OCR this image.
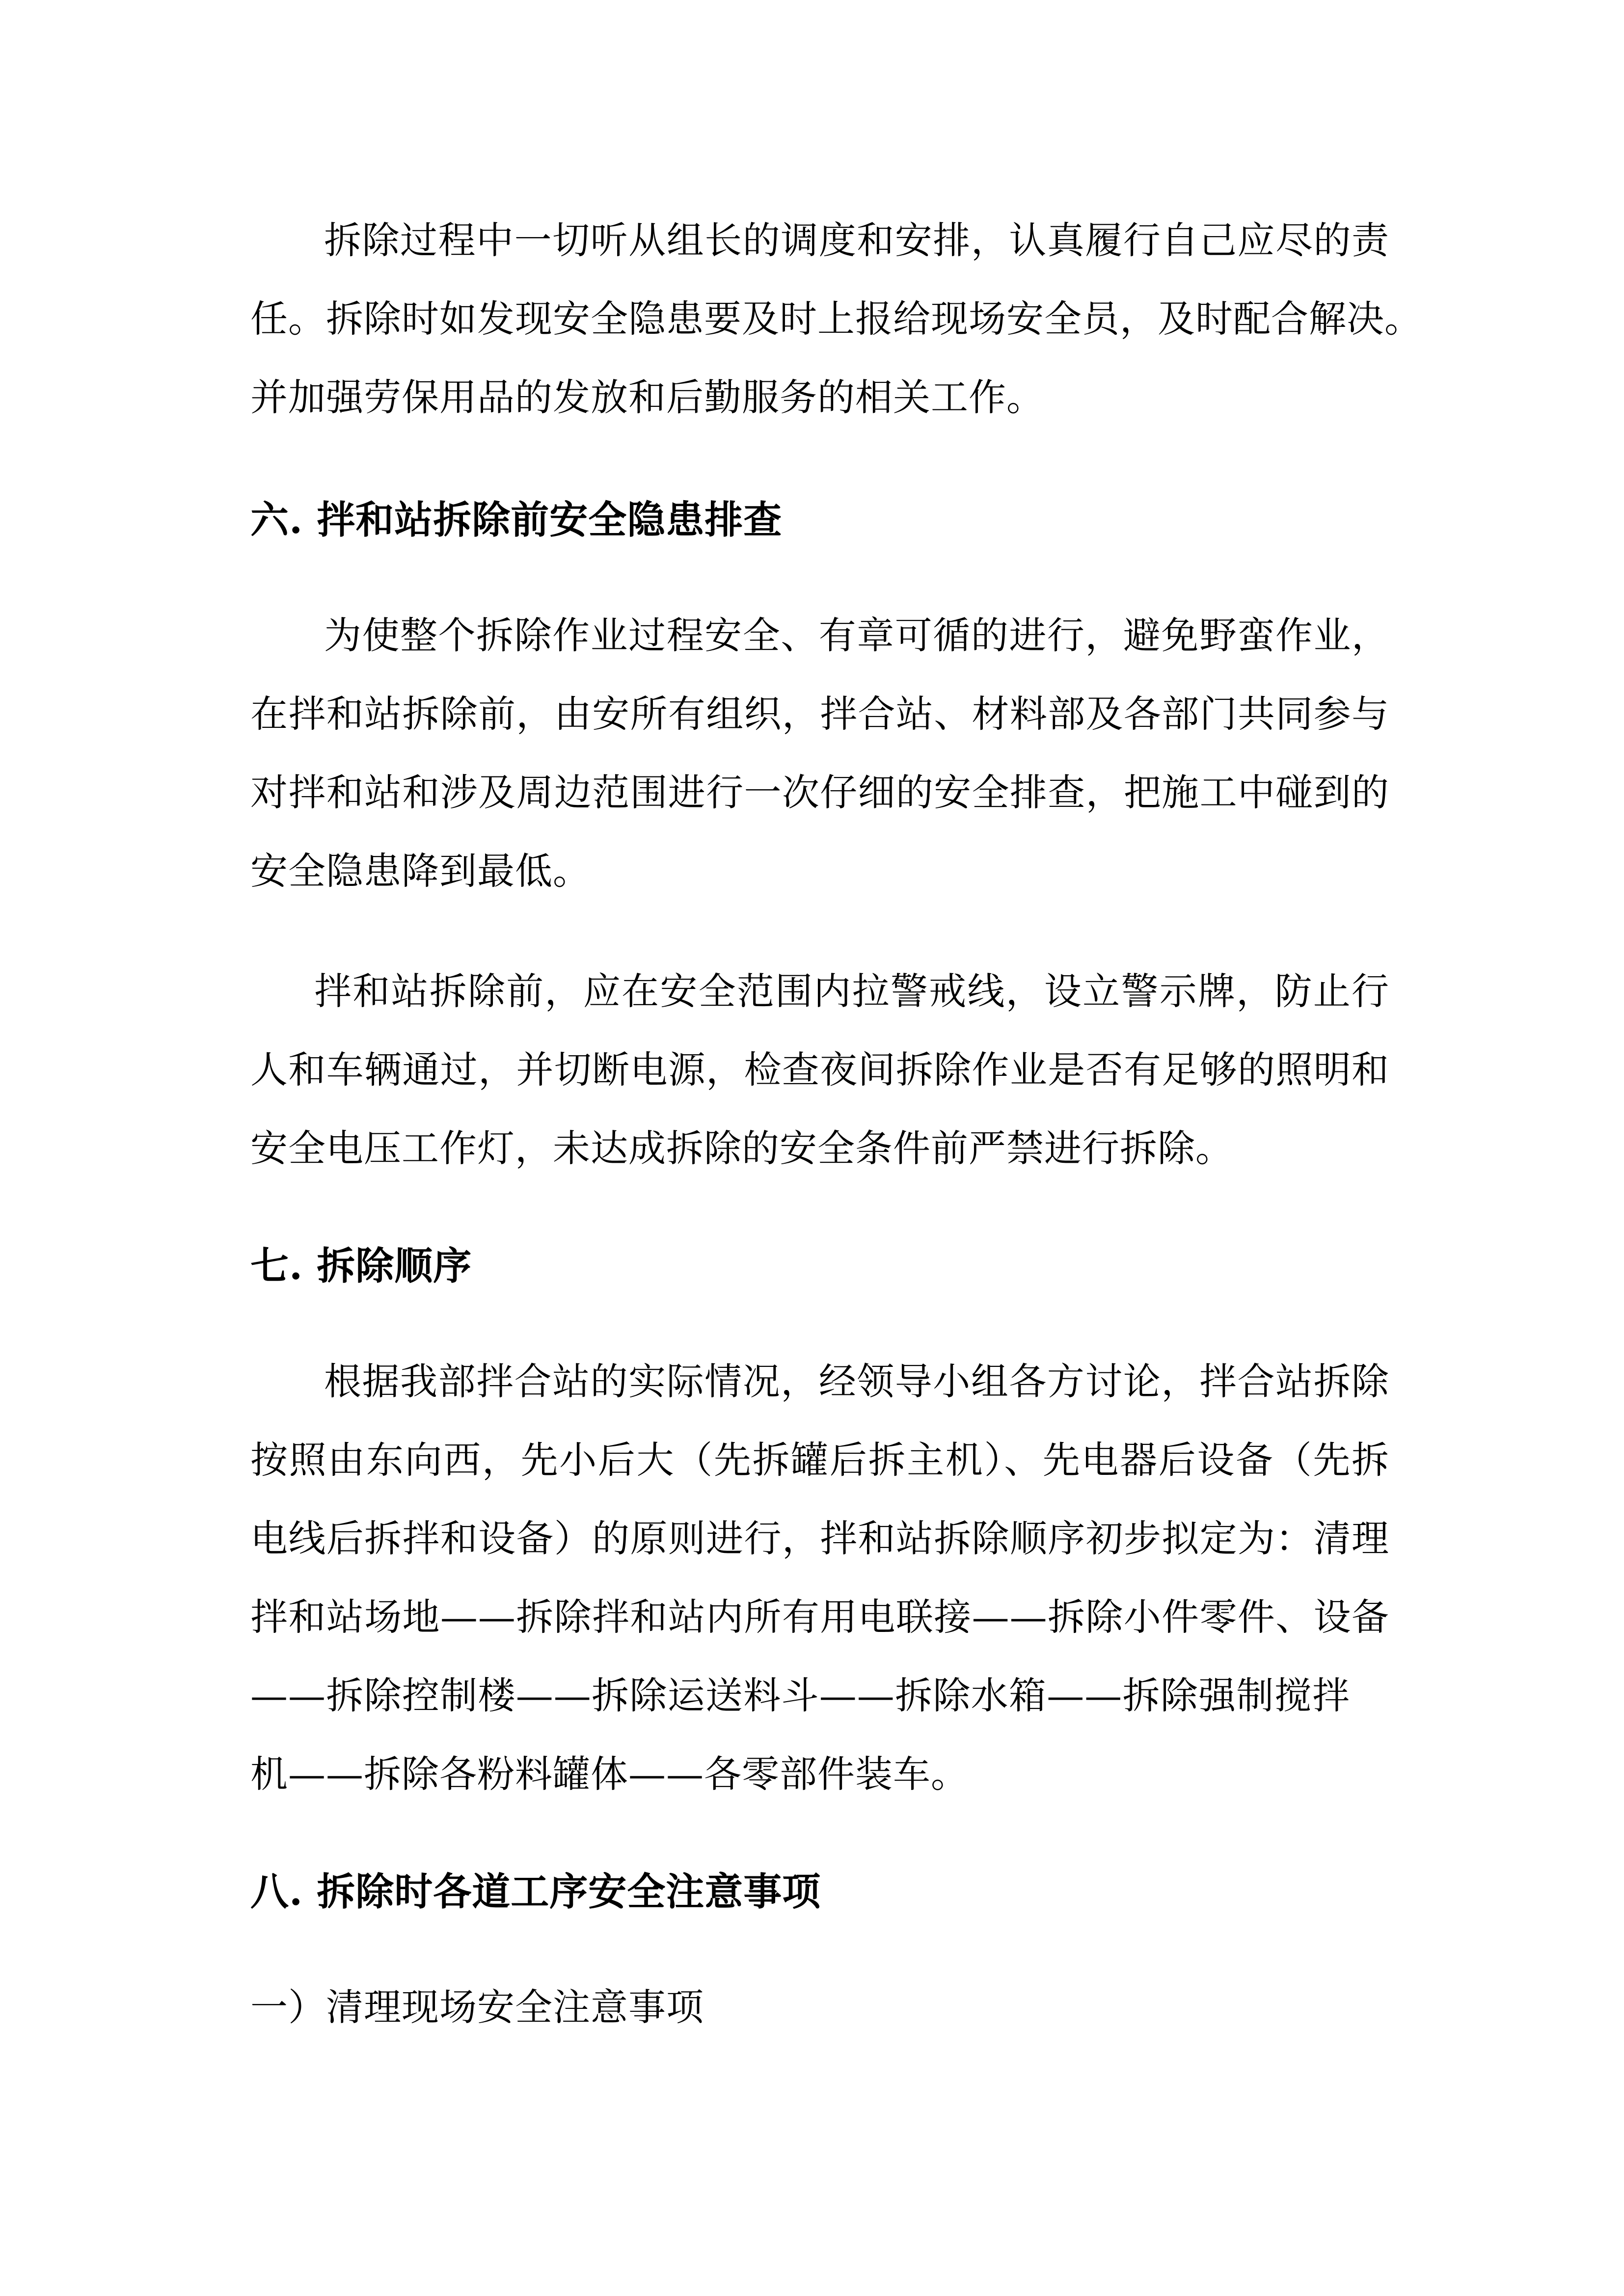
拆除过程中一切听从组长的调度和安排，认真履行自己应尽的责
任。拆除时如发现安全隐患要及时上报给现场安全员，及时配合解决。
并加强劳保用品的发放和后勤服务的相关工作。
六. 拌和站拆除前安全隐患排查
为使整个拆除作业过程安全、有章可循的进行，避免野蛮作业，
在拌和站拆除前，由安所有组织，拌合站、材料部及各部门共同参与
对拌和站和涉及周边范围进行一次仔细的安全排查，把施工中碰到的
安全隐患降到最低。
拌和站拆除前，应在安全范围内拉警戒线，设立警示牌，防止行
人和车辆通过，并切断电源，检查夜间拆除作业是否有足够的照明和
安全电压工作灯，未达成拆除的安全条件前严禁进行拆除。
七. 拆除顺序
根据我部拌合站的实际情况，经领导小组各方讨论，拌合站拆除
按照由东向西，先小后大（先拆罐后拆主机）、先电器后设备（先拆
电线后拆拌和设备）的原则进行，拌和站拆除顺序初步拟定为：清理
拌和站场地——拆除拌和站内所有用电联接——拆除小件零件、设备
——拆除控制楼——拆除运送料斗——拆除水箱——拆除强制搅拌
机——拆除各粉料罐体——各零部件装车。
八. 拆除时各道工序安全注意事项
一）清理现场安全注意事项
